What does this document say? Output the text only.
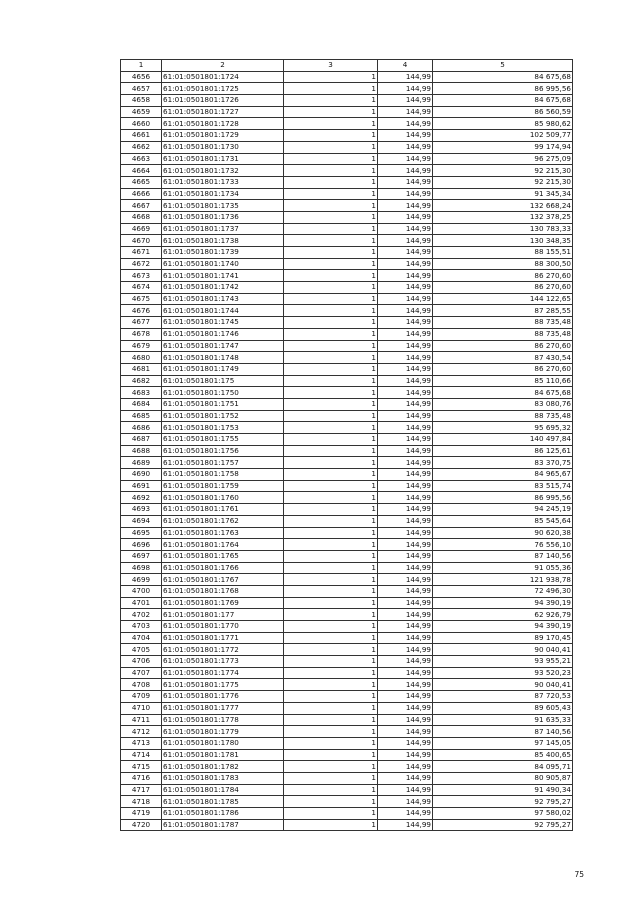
1	2	3	4	5
4656	61:01:0501801:1724	1	144,99	84 675,68
4657	61:01:0501801:1725	1	144,99	86 995,56
4658	61:01:0501801:1726	1	144,99	84 675,68
4659	61:01:0501801:1727	1	144,99	86 560,59
4660	61:01:0501801:1728	1	144,99	85 980,62
4661	61:01:0501801:1729	1	144,99	102 509,77
4662	61:01:0501801:1730	1	144,99	99 174,94
4663	61:01:0501801:1731	1	144,99	96 275,09
4664	61:01:0501801:1732	1	144,99	92 215,30
4665	61:01:0501801:1733	1	144,99	92 215,30
4666	61:01:0501801:1734	1	144,99	91 345,34
4667	61:01:0501801:1735	1	144,99	132 668,24
4668	61:01:0501801:1736	1	144,99	132 378,25
4669	61:01:0501801:1737	1	144,99	130 783,33
4670	61:01:0501801:1738	1	144,99	130 348,35
4671	61:01:0501801:1739	1	144,99	88 155,51
4672	61:01:0501801:1740	1	144,99	88 300,50
4673	61:01:0501801:1741	1	144,99	86 270,60
4674	61:01:0501801:1742	1	144,99	86 270,60
4675	61:01:0501801:1743	1	144,99	144 122,65
4676	61:01:0501801:1744	1	144,99	87 285,55
4677	61:01:0501801:1745	1	144,99	88 735,48
4678	61:01:0501801:1746	1	144,99	88 735,48
4679	61:01:0501801:1747	1	144,99	86 270,60
4680	61:01:0501801:1748	1	144,99	87 430,54
4681	61:01:0501801:1749	1	144,99	86 270,60
4682	61:01:0501801:175	1	144,99	85 110,66
4683	61:01:0501801:1750	1	144,99	84 675,68
4684	61:01:0501801:1751	1	144,99	83 080,76
4685	61:01:0501801:1752	1	144,99	88 735,48
4686	61:01:0501801:1753	1	144,99	95 695,32
4687	61:01:0501801:1755	1	144,99	140 497,84
4688	61:01:0501801:1756	1	144,99	86 125,61
4689	61:01:0501801:1757	1	144,99	83 370,75
4690	61:01:0501801:1758	1	144,99	84 965,67
4691	61:01:0501801:1759	1	144,99	83 515,74
4692	61:01:0501801:1760	1	144,99	86 995,56
4693	61:01:0501801:1761	1	144,99	94 245,19
4694	61:01:0501801:1762	1	144,99	85 545,64
4695	61:01:0501801:1763	1	144,99	90 620,38
4696	61:01:0501801:1764	1	144,99	76 556,10
4697	61:01:0501801:1765	1	144,99	87 140,56
4698	61:01:0501801:1766	1	144,99	91 055,36
4699	61:01:0501801:1767	1	144,99	121 938,78
4700	61:01:0501801:1768	1	144,99	72 496,30
4701	61:01:0501801:1769	1	144,99	94 390,19
4702	61:01:0501801:177	1	144,99	62 926,79
4703	61:01:0501801:1770	1	144,99	94 390,19
4704	61:01:0501801:1771	1	144,99	89 170,45
4705	61:01:0501801:1772	1	144,99	90 040,41
4706	61:01:0501801:1773	1	144,99	93 955,21
4707	61:01:0501801:1774	1	144,99	93 520,23
4708	61:01:0501801:1775	1	144,99	90 040,41
4709	61:01:0501801:1776	1	144,99	87 720,53
4710	61:01:0501801:1777	1	144,99	89 605,43
4711	61:01:0501801:1778	1	144,99	91 635,33
4712	61:01:0501801:1779	1	144,99	87 140,56
4713	61:01:0501801:1780	1	144,99	97 145,05
4714	61:01:0501801:1781	1	144,99	85 400,65
4715	61:01:0501801:1782	1	144,99	84 095,71
4716	61:01:0501801:1783	1	144,99	80 905,87
4717	61:01:0501801:1784	1	144,99	91 490,34
4718	61:01:0501801:1785	1	144,99	92 795,27
4719	61:01:0501801:1786	1	144,99	97 580,02
4720	61:01:0501801:1787	1	144,99	92 795,27
75
